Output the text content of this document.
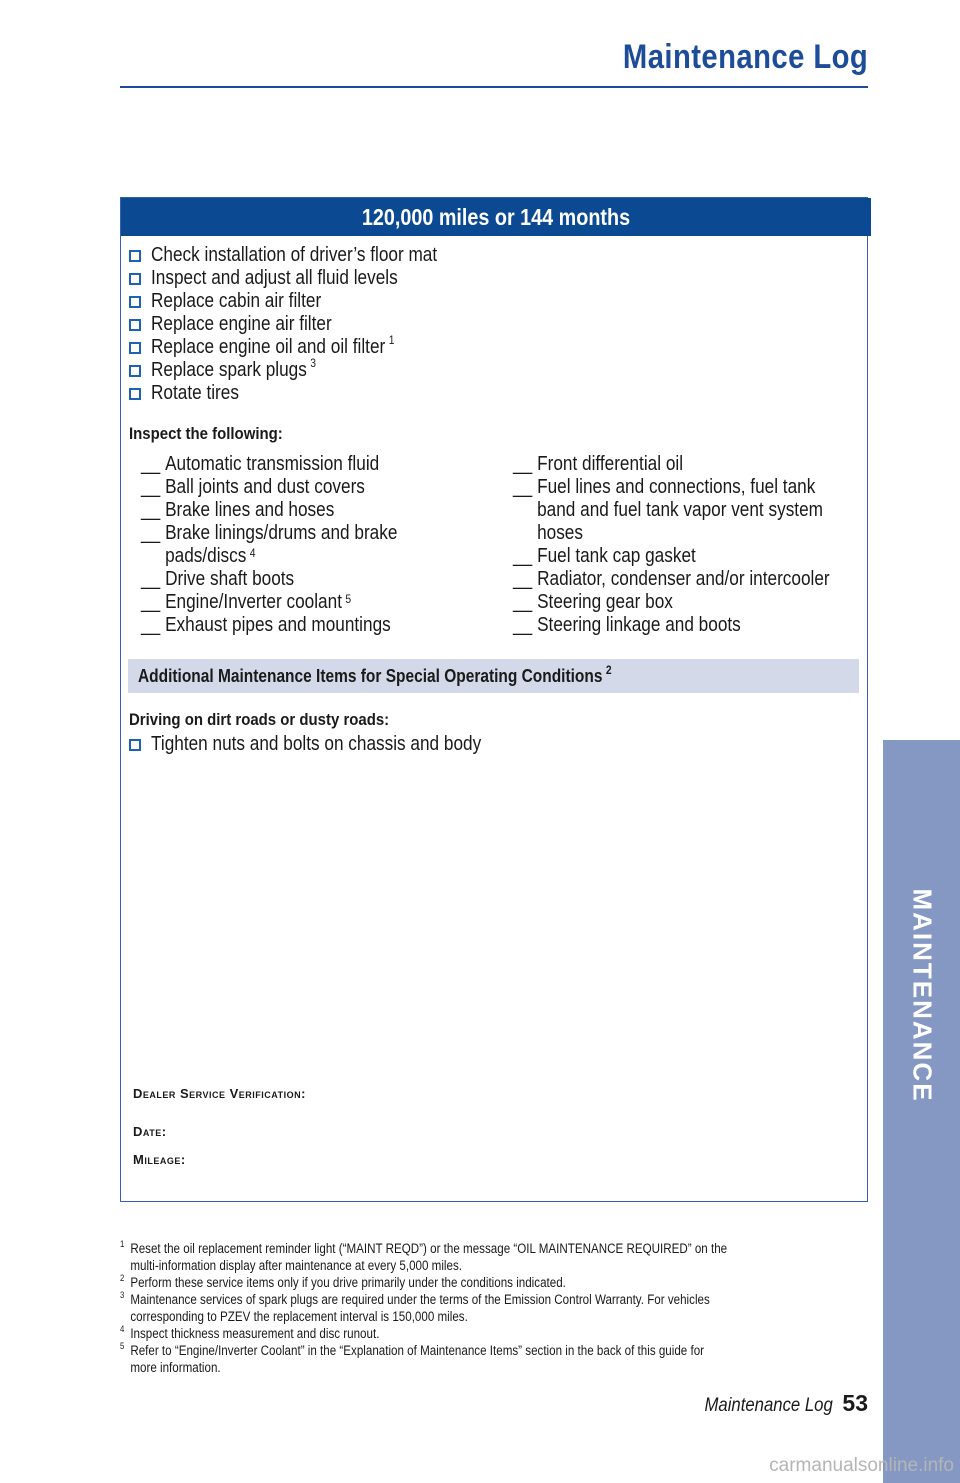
Maintenance Log
120,000 miles or 144 months
Check installation of driver’s floor mat
Inspect and adjust all fluid levels
Replace cabin air filter
Replace engine air filter
Replace engine oil and oil filter $^1$
Replace spark plugs $^3$
Rotate tires
Inspect the following:
__ Automatic transmission fluid
__ Ball joints and dust covers
__ Brake lines and hoses
__ Brake linings/drums and brake
pads/discs $^4$
__ Drive shaft boots
__ Engine/Inverter coolant $^5$
__ Exhaust pipes and mountings
__ Front differential oil
__ Fuel lines and connections, fuel tank
band and fuel tank vapor vent system
hoses
__ Fuel tank cap gasket
__ Radiator, condenser and/or intercooler
__ Steering gear box
__ Steering linkage and boots
Additional Maintenance Items for Special Operating Conditions $^2$
Driving on dirt roads or dusty roads:
Tighten nuts and bolts on chassis and body
Dealer Service Verification:
Date:
Mileage:
1 Reset the oil replacement reminder light (“MAINT REQD”) or the message “OIL MAINTENANCE REQUIRED” on the
multi-information display after maintenance at every 5,000 miles.
2 Perform these service items only if you drive primarily under the conditions indicated.
3 Maintenance services of spark plugs are required under the terms of the Emission Control Warranty. For vehicles
corresponding to PZEV the replacement interval is 150,000 miles.
4 Inspect thickness measurement and disc runout.
5 Refer to “Engine/Inverter Coolant” in the “Explanation of Maintenance Items” section in the back of this guide for
more information.
Maintenance Log 53
MAINTENANCE
carmanualsonline.info
